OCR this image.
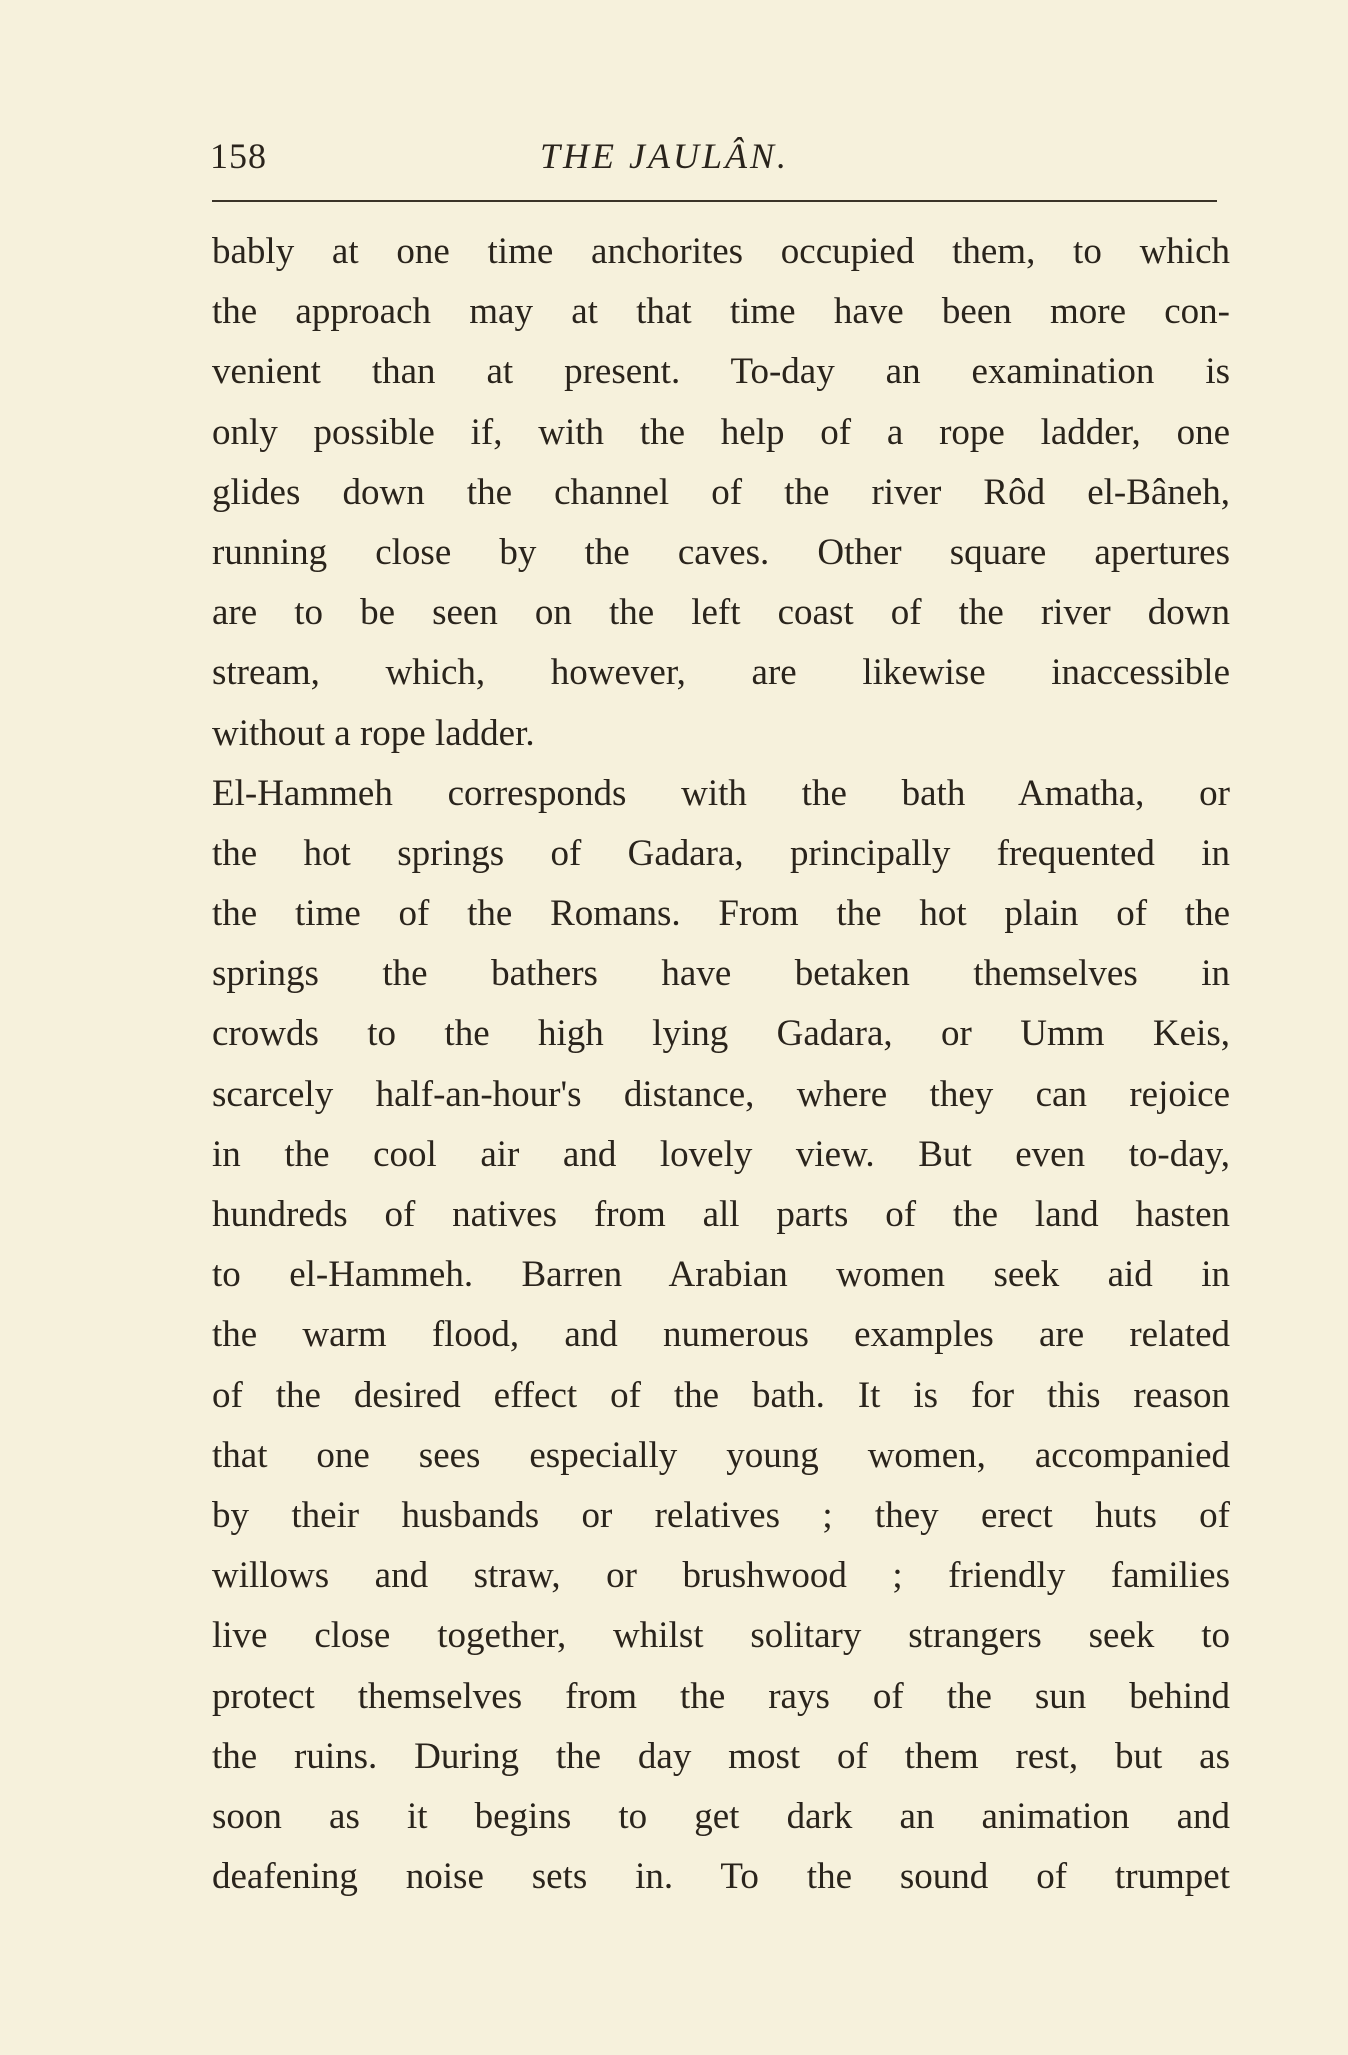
158	THE JAULÂN.
bably at one time anchorites occupied them, to which
the approach may at that time have been more con-
venient than at present. To-day an examination is
only possible if, with the help of a rope ladder, one
glides down the channel of the river Rôd el-Bâneh,
running close by the caves. Other square apertures
are to be seen on the left coast of the river down
stream, which, however, are likewise inaccessible
without a rope ladder.
El-Hammeh corresponds with the bath Amatha, or
the hot springs of Gadara, principally frequented in
the time of the Romans. From the hot plain of the
springs the bathers have betaken themselves in
crowds to the high lying Gadara, or Umm Keis,
scarcely half-an-hour's distance, where they can rejoice
in the cool air and lovely view. But even to-day,
hundreds of natives from all parts of the land hasten
to el-Hammeh. Barren Arabian women seek aid in
the warm flood, and numerous examples are related
of the desired effect of the bath. It is for this reason
that one sees especially young women, accompanied
by their husbands or relatives ; they erect huts of
willows and straw, or brushwood ; friendly families
live close together, whilst solitary strangers seek to
protect themselves from the rays of the sun behind
the ruins. During the day most of them rest, but as
soon as it begins to get dark an animation and
deafening noise sets in. To the sound of trumpet
